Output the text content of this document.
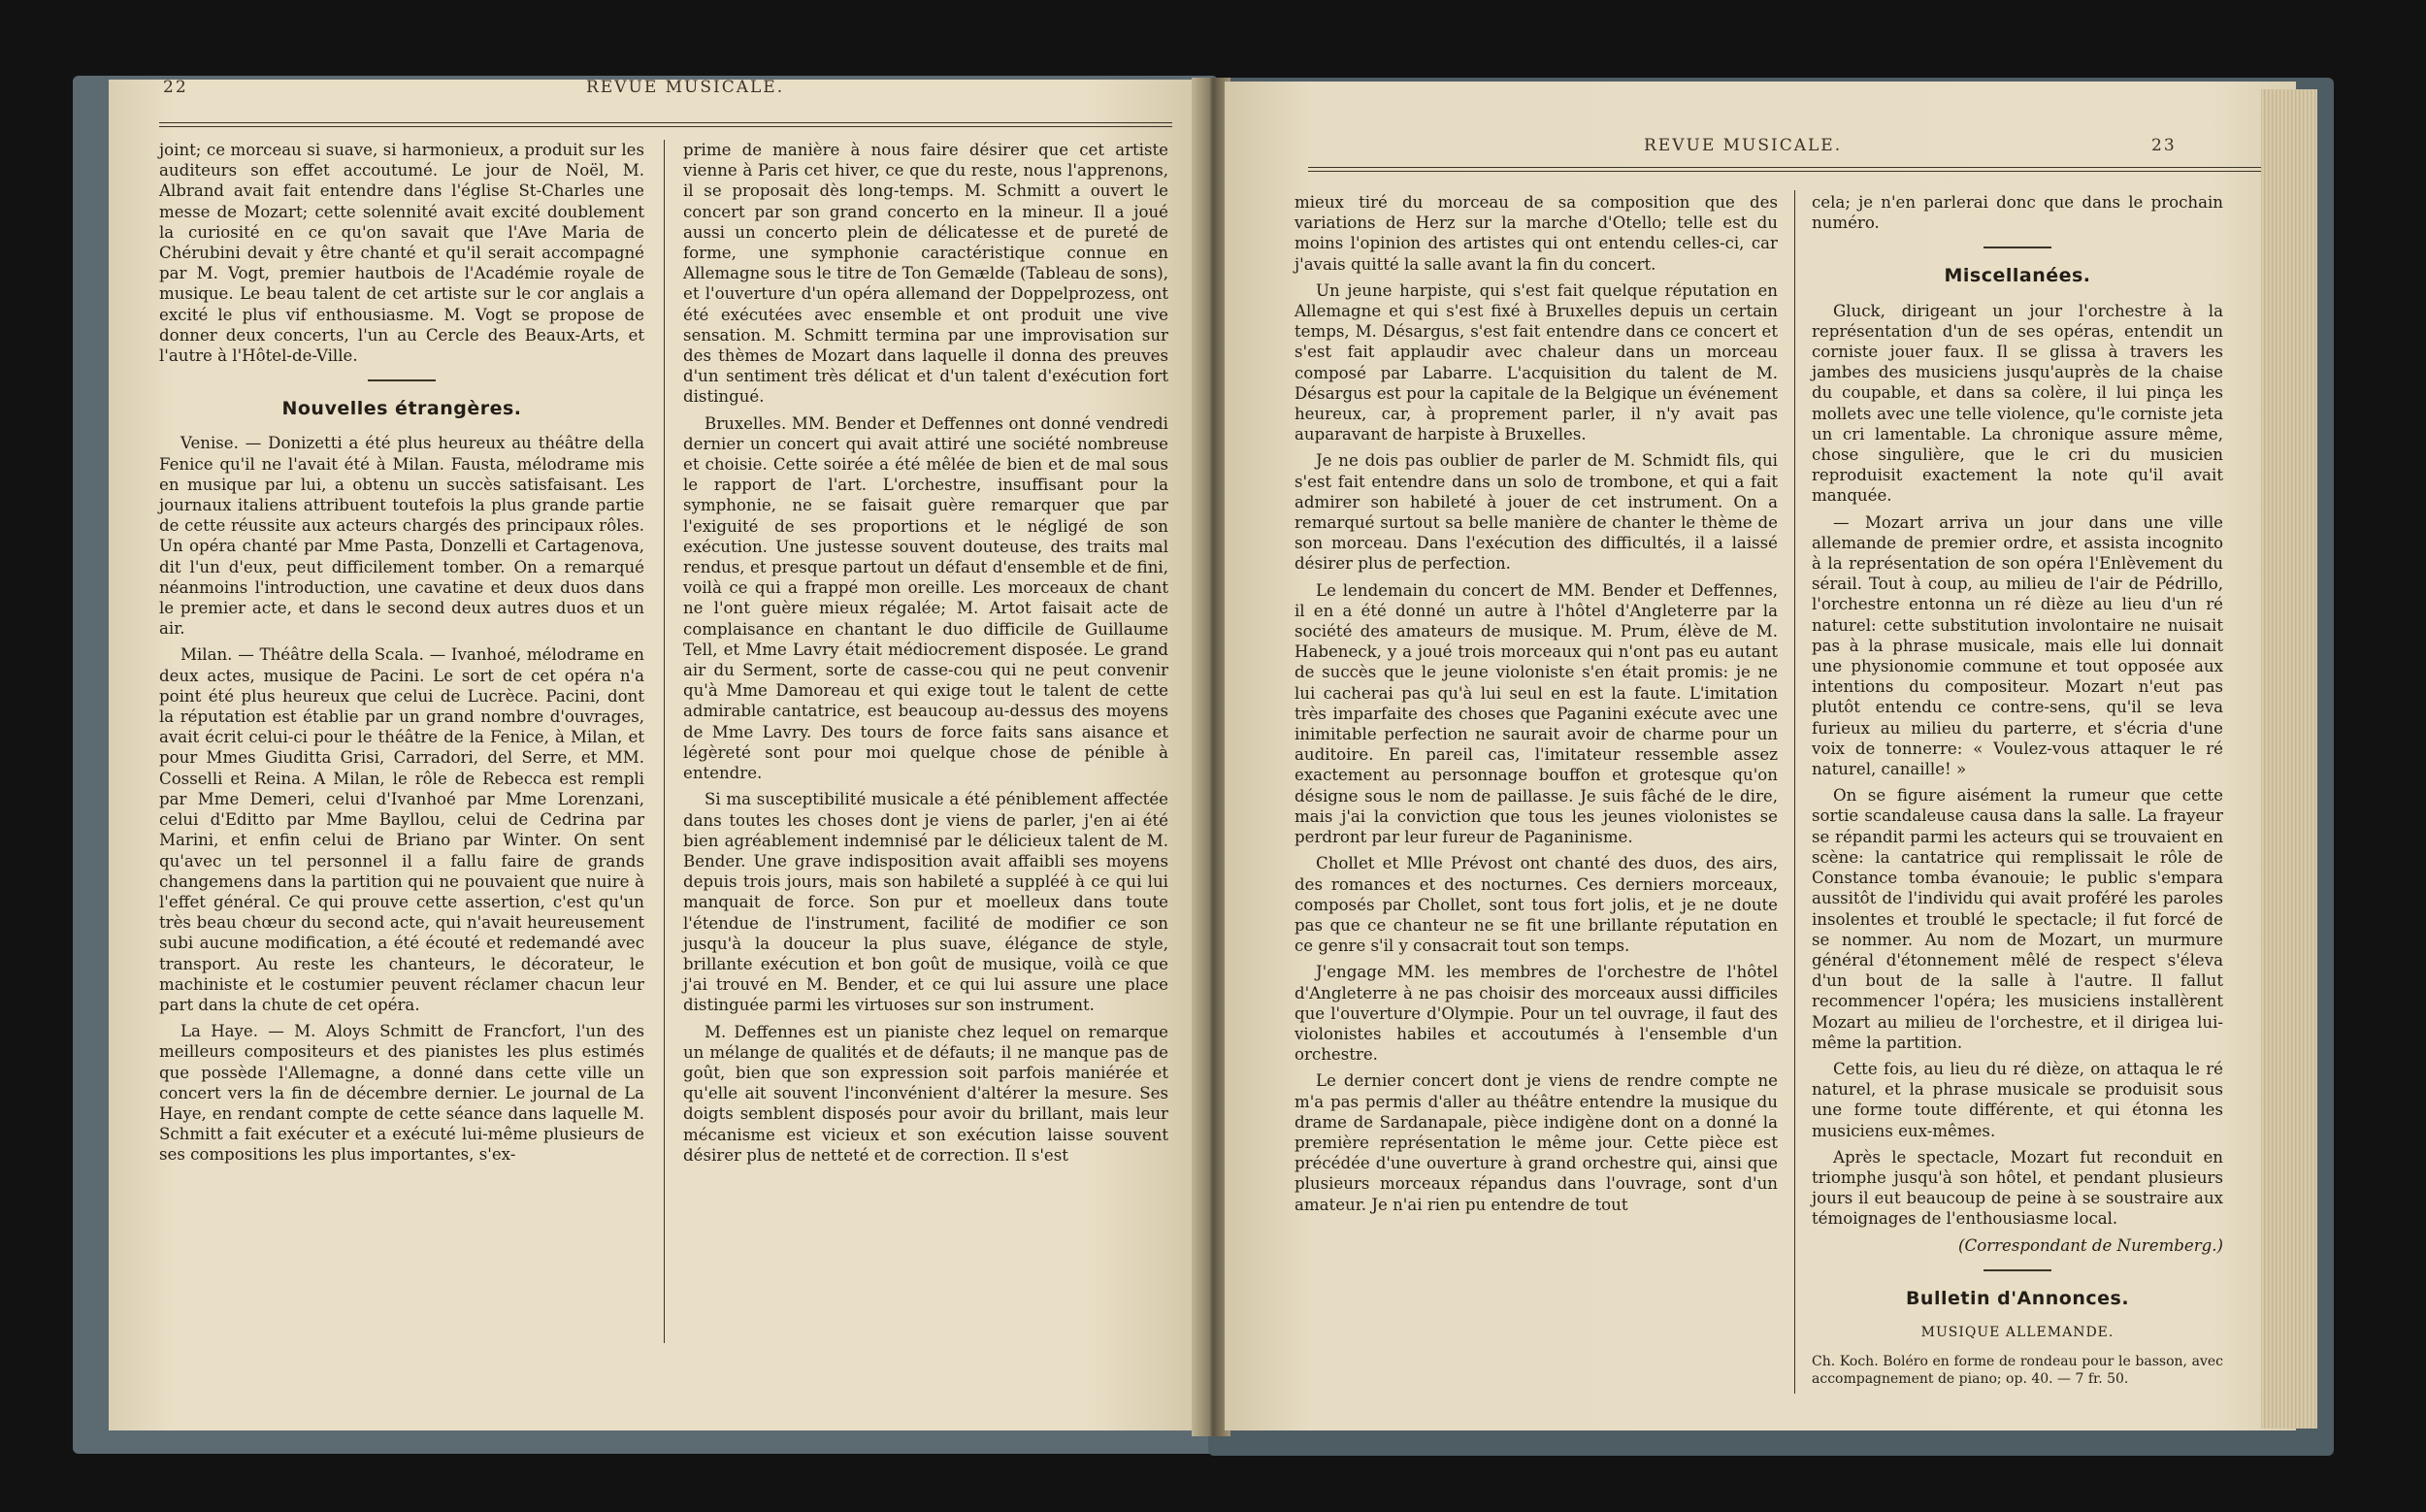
22	REVUE MUSICALE.

joint; ce morceau si suave, si harmonieux, a produit sur les auditeurs son effet accoutumé. Le jour de Noël, M. Albrand avait fait entendre dans l'église St-Charles une messe de Mozart; cette solennité avait excité doublement la curiosité en ce qu'on savait que l'Ave Maria de Chérubini devait y être chanté et qu'il serait accompagné par M. Vogt, premier hautbois de l'Académie royale de musique. Le beau talent de cet artiste sur le cor anglais a excité le plus vif enthousiasme. M. Vogt se propose de donner deux concerts, l'un au Cercle des Beaux-Arts, et l'autre à l'Hôtel-de-Ville.

Nouvelles étrangères.

Venise. — Donizetti a été plus heureux au théâtre della Fenice qu'il ne l'avait été à Milan. Fausta, mélodrame mis en musique par lui, a obtenu un succès satisfaisant. Les journaux italiens attribuent toutefois la plus grande partie de cette réussite aux acteurs chargés des principaux rôles. Un opéra chanté par Mme Pasta, Donzelli et Cartagenova, dit l'un d'eux, peut difficilement tomber. On a remarqué néanmoins l'introduction, une cavatine et deux duos dans le premier acte, et dans le second deux autres duos et un air.

Milan. — Théâtre della Scala. — Ivanhoé, mélodrame en deux actes, musique de Pacini. Le sort de cet opéra n'a point été plus heureux que celui de Lucrèce. Pacini, dont la réputation est établie par un grand nombre d'ouvrages, avait écrit celui-ci pour le théâtre de la Fenice, à Milan, et pour Mmes Giuditta Grisi, Carradori, del Serre, et MM. Cosselli et Reina. A Milan, le rôle de Rebecca est rempli par Mme Demeri, celui d'Ivanhoé par Mme Lorenzani, celui d'Editto par Mme Bayllou, celui de Cedrina par Marini, et enfin celui de Briano par Winter. On sent qu'avec un tel personnel il a fallu faire de grands changemens dans la partition qui ne pouvaient que nuire à l'effet général. Ce qui prouve cette assertion, c'est qu'un très beau chœur du second acte, qui n'avait heureusement subi aucune modification, a été écouté et redemandé avec transport. Au reste les chanteurs, le décorateur, le machiniste et le costumier peuvent réclamer chacun leur part dans la chute de cet opéra.

La Haye. — M. Aloys Schmitt de Francfort, l'un des meilleurs compositeurs et des pianistes les plus estimés que possède l'Allemagne, a donné dans cette ville un concert vers la fin de décembre dernier. Le journal de La Haye, en rendant compte de cette séance dans laquelle M. Schmitt a fait exécuter et a exécuté lui-même plusieurs de ses compositions les plus importantes, s'ex-

prime de manière à nous faire désirer que cet artiste vienne à Paris cet hiver, ce que du reste, nous l'apprenons, il se proposait dès long-temps. M. Schmitt a ouvert le concert par son grand concerto en la mineur. Il a joué aussi un concerto plein de délicatesse et de pureté de forme, une symphonie caractéristique connue en Allemagne sous le titre de Ton Gemælde (Tableau de sons), et l'ouverture d'un opéra allemand der Doppelprozess, ont été exécutées avec ensemble et ont produit une vive sensation. M. Schmitt termina par une improvisation sur des thèmes de Mozart dans laquelle il donna des preuves d'un sentiment très délicat et d'un talent d'exécution fort distingué.

Bruxelles. MM. Bender et Deffennes ont donné vendredi dernier un concert qui avait attiré une société nombreuse et choisie. Cette soirée a été mêlée de bien et de mal sous le rapport de l'art. L'orchestre, insuffisant pour la symphonie, ne se faisait guère remarquer que par l'exiguité de ses proportions et le négligé de son exécution. Une justesse souvent douteuse, des traits mal rendus, et presque partout un défaut d'ensemble et de fini, voilà ce qui a frappé mon oreille. Les morceaux de chant ne l'ont guère mieux régalée; M. Artot faisait acte de complaisance en chantant le duo difficile de Guillaume Tell, et Mme Lavry était médiocrement disposée. Le grand air du Serment, sorte de casse-cou qui ne peut convenir qu'à Mme Damoreau et qui exige tout le talent de cette admirable cantatrice, est beaucoup au-dessus des moyens de Mme Lavry. Des tours de force faits sans aisance et légèreté sont pour moi quelque chose de pénible à entendre.

Si ma susceptibilité musicale a été péniblement affectée dans toutes les choses dont je viens de parler, j'en ai été bien agréablement indemnisé par le délicieux talent de M. Bender. Une grave indisposition avait affaibli ses moyens depuis trois jours, mais son habileté a suppléé à ce qui lui manquait de force. Son pur et moelleux dans toute l'étendue de l'instrument, facilité de modifier ce son jusqu'à la douceur la plus suave, élégance de style, brillante exécution et bon goût de musique, voilà ce que j'ai trouvé en M. Bender, et ce qui lui assure une place distinguée parmi les virtuoses sur son instrument.

M. Deffennes est un pianiste chez lequel on remarque un mélange de qualités et de défauts; il ne manque pas de goût, bien que son expression soit parfois maniérée et qu'elle ait souvent l'inconvénient d'altérer la mesure. Ses doigts semblent disposés pour avoir du brillant, mais leur mécanisme est vicieux et son exécution laisse souvent désirer plus de netteté et de correction. Il s'est

REVUE MUSICALE.	23

mieux tiré du morceau de sa composition que des variations de Herz sur la marche d'Otello; telle est du moins l'opinion des artistes qui ont entendu celles-ci, car j'avais quitté la salle avant la fin du concert.

Un jeune harpiste, qui s'est fait quelque réputation en Allemagne et qui s'est fixé à Bruxelles depuis un certain temps, M. Désargus, s'est fait entendre dans ce concert et s'est fait applaudir avec chaleur dans un morceau composé par Labarre. L'acquisition du talent de M. Désargus est pour la capitale de la Belgique un événement heureux, car, à proprement parler, il n'y avait pas auparavant de harpiste à Bruxelles.

Je ne dois pas oublier de parler de M. Schmidt fils, qui s'est fait entendre dans un solo de trombone, et qui a fait admirer son habileté à jouer de cet instrument. On a remarqué surtout sa belle manière de chanter le thème de son morceau. Dans l'exécution des difficultés, il a laissé désirer plus de perfection.

Le lendemain du concert de MM. Bender et Deffennes, il en a été donné un autre à l'hôtel d'Angleterre par la société des amateurs de musique. M. Prum, élève de M. Habeneck, y a joué trois morceaux qui n'ont pas eu autant de succès que le jeune violoniste s'en était promis: je ne lui cacherai pas qu'à lui seul en est la faute. L'imitation très imparfaite des choses que Paganini exécute avec une inimitable perfection ne saurait avoir de charme pour un auditoire. En pareil cas, l'imitateur ressemble assez exactement au personnage bouffon et grotesque qu'on désigne sous le nom de paillasse. Je suis fâché de le dire, mais j'ai la conviction que tous les jeunes violonistes se perdront par leur fureur de Paganinisme.

Chollet et Mlle Prévost ont chanté des duos, des airs, des romances et des nocturnes. Ces derniers morceaux, composés par Chollet, sont tous fort jolis, et je ne doute pas que ce chanteur ne se fit une brillante réputation en ce genre s'il y consacrait tout son temps.

J'engage MM. les membres de l'orchestre de l'hôtel d'Angleterre à ne pas choisir des morceaux aussi difficiles que l'ouverture d'Olympie. Pour un tel ouvrage, il faut des violonistes habiles et accoutumés à l'ensemble d'un orchestre.

Le dernier concert dont je viens de rendre compte ne m'a pas permis d'aller au théâtre entendre la musique du drame de Sardanapale, pièce indigène dont on a donné la première représentation le même jour. Cette pièce est précédée d'une ouverture à grand orchestre qui, ainsi que plusieurs morceaux répandus dans l'ouvrage, sont d'un amateur. Je n'ai rien pu entendre de tout

cela; je n'en parlerai donc que dans le prochain numéro.

Miscellanées.

Gluck, dirigeant un jour l'orchestre à la représentation d'un de ses opéras, entendit un corniste jouer faux. Il se glissa à travers les jambes des musiciens jusqu'auprès de la chaise du coupable, et dans sa colère, il lui pinça les mollets avec une telle violence, qu'le corniste jeta un cri lamentable. La chronique assure même, chose singulière, que le cri du musicien reproduisit exactement la note qu'il avait manquée.

— Mozart arriva un jour dans une ville allemande de premier ordre, et assista incognito à la représentation de son opéra l'Enlèvement du sérail. Tout à coup, au milieu de l'air de Pédrillo, l'orchestre entonna un ré dièze au lieu d'un ré naturel: cette substitution involontaire ne nuisait pas à la phrase musicale, mais elle lui donnait une physionomie commune et tout opposée aux intentions du compositeur. Mozart n'eut pas plutôt entendu ce contre-sens, qu'il se leva furieux au milieu du parterre, et s'écria d'une voix de tonnerre: « Voulez-vous attaquer le ré naturel, canaille! »

On se figure aisément la rumeur que cette sortie scandaleuse causa dans la salle. La frayeur se répandit parmi les acteurs qui se trouvaient en scène: la cantatrice qui remplissait le rôle de Constance tomba évanouie; le public s'empara aussitôt de l'individu qui avait proféré les paroles insolentes et troublé le spectacle; il fut forcé de se nommer. Au nom de Mozart, un murmure général d'étonnement mêlé de respect s'éleva d'un bout de la salle à l'autre. Il fallut recommencer l'opéra; les musiciens installèrent Mozart au milieu de l'orchestre, et il dirigea lui-même la partition.

Cette fois, au lieu du ré dièze, on attaqua le ré naturel, et la phrase musicale se produisit sous une forme toute différente, et qui étonna les musiciens eux-mêmes.

Après le spectacle, Mozart fut reconduit en triomphe jusqu'à son hôtel, et pendant plusieurs jours il eut beaucoup de peine à se soustraire aux témoignages de l'enthousiasme local.

(Correspondant de Nuremberg.)

Bulletin d'Annonces.

MUSIQUE ALLEMANDE.

Ch. Koch. Boléro en forme de rondeau pour le basson, avec accompagnement de piano; op. 40. — 7 fr. 50.
